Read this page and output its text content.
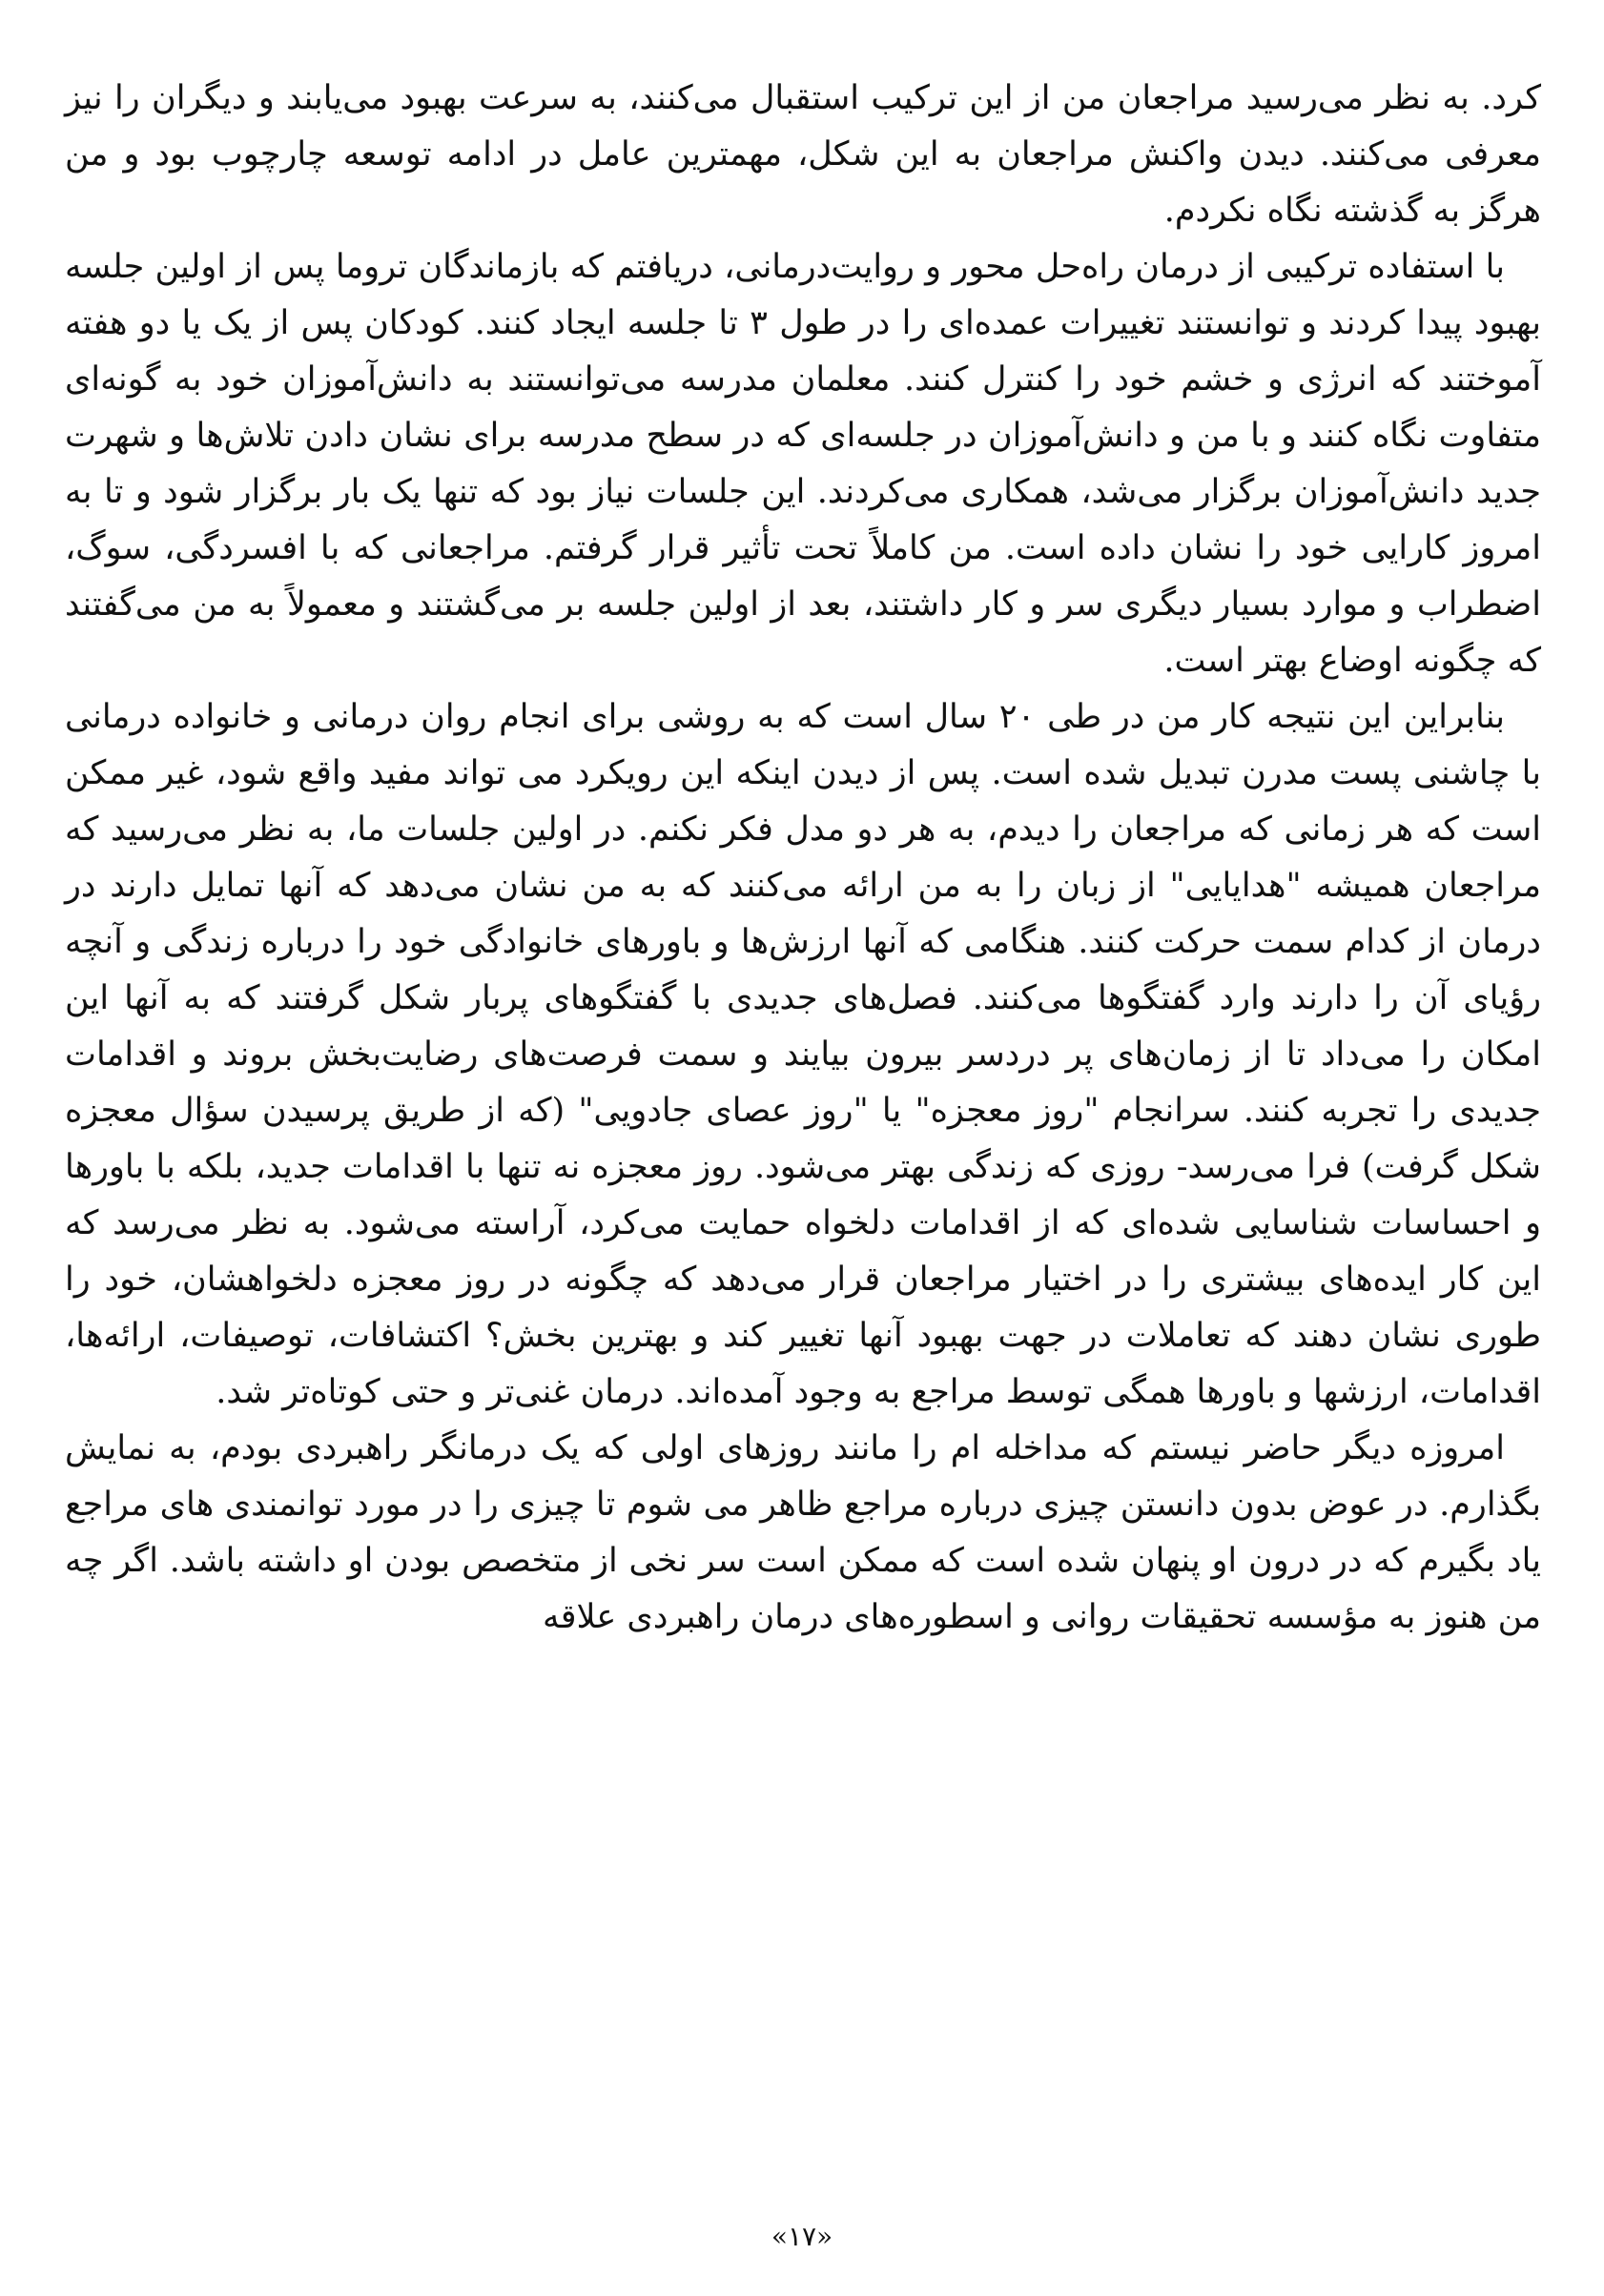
کرد. به نظر می‌رسید مراجعان من از این ترکیب استقبال می‌کنند، به سرعت بهبود می‌یابند و دیگران را نیز معرفی می‌کنند. دیدن واکنش مراجعان به این شکل، مهمترین عامل در ادامه توسعه چارچوب بود و من هرگز به گذشته نگاه نکردم.

با استفاده ترکیبی از درمان راه‌حل محور و روایت‌درمانی، دریافتم که بازماندگان تروما پس از اولین جلسه بهبود پیدا کردند و توانستند تغییرات عمده‌ای را در طول ۳ تا جلسه ایجاد کنند. کودکان پس از یک یا دو هفته آموختند که انرژی و خشم خود را کنترل کنند. معلمان مدرسه می‌توانستند به دانش‌آموزان خود به گونه‌ای متفاوت نگاه کنند و با من و دانش‌آموزان در جلسه‌ای که در سطح مدرسه برای نشان دادن تلاش‌ها و شهرت جدید دانش‌آموزان برگزار می‌شد، همکاری می‌کردند. این جلسات نیاز بود که تنها یک بار برگزار شود و تا به امروز کارایی خود را نشان داده است. من کاملاً تحت تأثیر قرار گرفتم. مراجعانی که با افسردگی، سوگ، اضطراب و موارد بسیار دیگری سر و کار داشتند، بعد از اولین جلسه بر می‌گشتند و معمولاً به من می‌گفتند که چگونه اوضاع بهتر است.

بنابراین این نتیجه کار من در طی ۲۰ سال است که به روشی برای انجام روان درمانی و خانواده درمانی با چاشنی پست مدرن تبدیل شده است. پس از دیدن اینکه این رویکرد می تواند مفید واقع شود، غیر ممکن است که هر زمانی که مراجعان را دیدم، به هر دو مدل فکر نکنم. در اولین جلسات ما، به نظر می‌رسید که مراجعان همیشه "هدایایی" از زبان را به من ارائه می‌کنند که به من نشان می‌دهد که آنها تمایل دارند در درمان از کدام سمت حرکت کنند. هنگامی که آنها ارزش‌ها و باورهای خانوادگی خود را درباره زندگی و آنچه رؤیای آن را دارند وارد گفتگوها می‌کنند. فصل‌های جدیدی با گفتگوهای پربار شکل گرفتند که به آنها این امکان را می‌داد تا از زمان‌های پر دردسر بیرون بیایند و سمت فرصت‌های رضایت‌بخش بروند و اقدامات جدیدی را تجربه کنند. سرانجام "روز معجزه" یا "روز عصای جادویی" (که از طریق پرسیدن سؤال معجزه شکل گرفت) فرا می‌رسد- روزی که زندگی بهتر می‌شود. روز معجزه نه تنها با اقدامات جدید، بلکه با باورها و احساسات شناسایی شده‌ای که از اقدامات دلخواه حمایت می‌کرد، آراسته می‌شود. به نظر می‌رسد که این کار ایده‌های بیشتری را در اختیار مراجعان قرار می‌دهد که چگونه در روز معجزه دلخواهشان، خود را طوری نشان دهند که تعاملات در جهت بهبود آنها تغییر کند و بهترین بخش؟ اکتشافات، توصیفات، ارائه‌ها، اقدامات، ارزشها و باورها همگی توسط مراجع به وجود آمده‌اند. درمان غنی‌تر و حتی کوتاه‌تر شد.

امروزه دیگر حاضر نیستم که مداخله ام را مانند روزهای اولی که یک درمانگر راهبردی بودم، به نمایش بگذارم. در عوض بدون دانستن چیزی درباره مراجع ظاهر می شوم تا چیزی را در مورد توانمندی های مراجع یاد بگیرم که در درون او پنهان شده است که ممکن است سر نخی از متخصص بودن او داشته باشد. اگر چه من هنوز به مؤسسه تحقیقات روانی و اسطوره‌های درمان راهبردی علاقه

«۱۷»
